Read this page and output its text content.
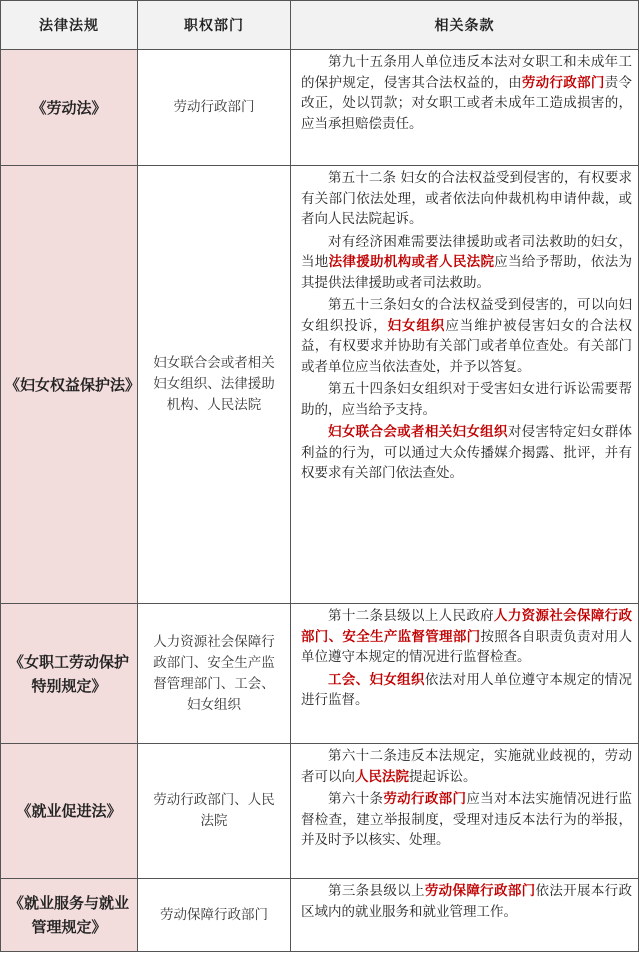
法律法规	职权部门	相关条款
《劳动法》	劳动行政部门	第九十五条用人单位违反本法对女职工和未成年工的保护规定，侵害其合法权益的，由劳动行政部门责令改正，处以罚款；对女职工或者未成年工造成损害的，应当承担赔偿责任。

《妇女权益保护法》	妇女联合会或者相关妇女组织、法律援助机构、人民法院	第五十二条 妇女的合法权益受到侵害的，有权要求有关部门依法处理，或者依法向仲裁机构申请仲裁，或者向人民法院起诉。

对有经济困难需要法律援助或者司法救助的妇女，当地法律援助机构或者人民法院应当给予帮助，依法为其提供法律援助或者司法救助。

第五十三条妇女的合法权益受到侵害的，可以向妇女组织投诉，妇女组织应当维护被侵害妇女的合法权益，有权要求并协助有关部门或者单位查处。有关部门或者单位应当依法查处，并予以答复。

第五十四条妇女组织对于受害妇女进行诉讼需要帮助的，应当给予支持。

妇女联合会或者相关妇女组织对侵害特定妇女群体利益的行为，可以通过大众传播媒介揭露、批评，并有权要求有关部门依法查处。

《女职工劳动保护特别规定》	人力资源社会保障行政部门、安全生产监督管理部门、工会、妇女组织	第十二条县级以上人民政府人力资源社会保障行政部门、安全生产监督管理部门按照各自职责负责对用人单位遵守本规定的情况进行监督检查。

工会、妇女组织依法对用人单位遵守本规定的情况进行监督。

《就业促进法》	劳动行政部门、人民法院	第六十二条违反本法规定，实施就业歧视的，劳动者可以向人民法院提起诉讼。

第六十条劳动行政部门应当对本法实施情况进行监督检查，建立举报制度，受理对违反本法行为的举报，并及时予以核实、处理。

《就业服务与就业管理规定》	劳动保障行政部门	第三条县级以上劳动保障行政部门依法开展本行政区域内的就业服务和就业管理工作。
